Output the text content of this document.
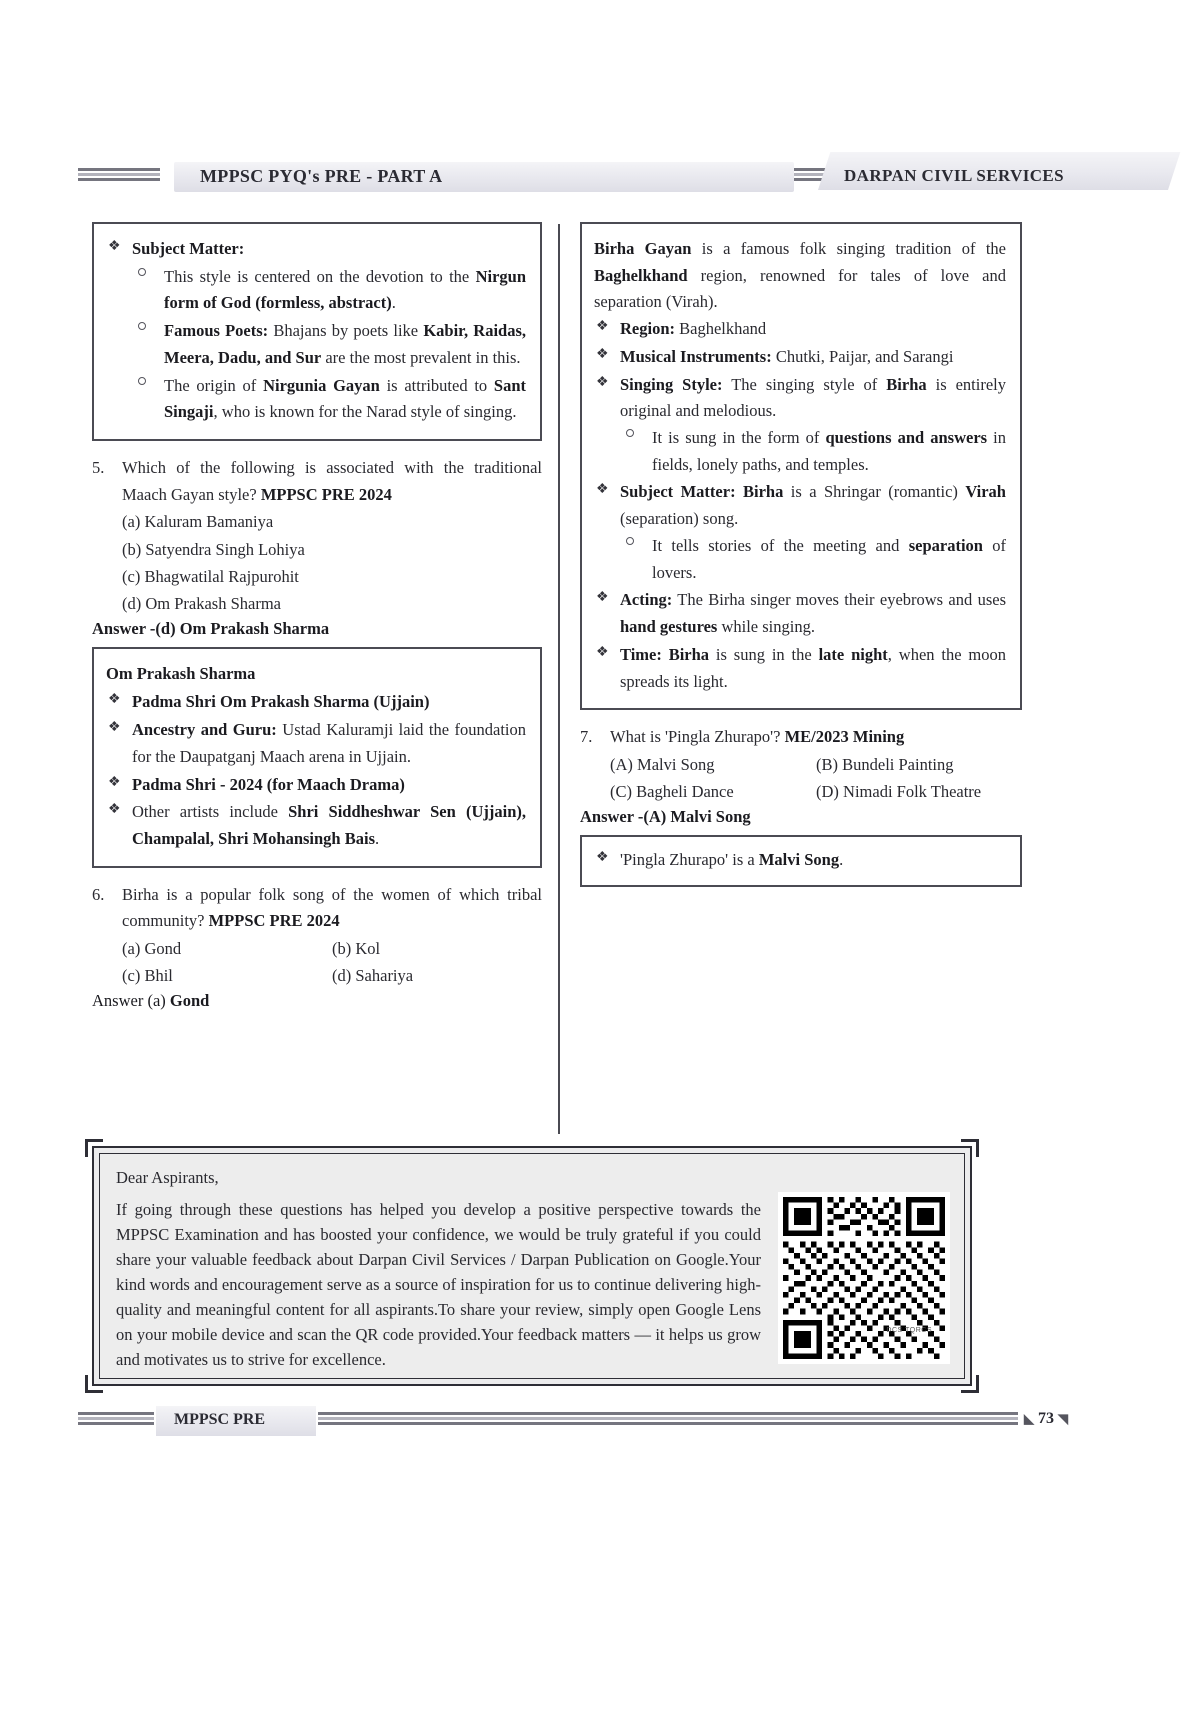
MPPSC PYQ's PRE - PART A	DARPAN CIVIL SERVICES
❖ Subject Matter:
This style is centered on the devotion to the Nirgun form of God (formless, abstract).
Famous Poets: Bhajans by poets like Kabir, Raidas, Meera, Dadu, and Sur are the most prevalent in this.
The origin of Nirgunia Gayan is attributed to Sant Singaji, who is known for the Narad style of singing.
5.	Which of the following is associated with the traditional Maach Gayan style? MPPSC PRE 2024
(a) Kaluram Bamaniya
(b) Satyendra Singh Lohiya
(c) Bhagwatilal Rajpurohit
(d) Om Prakash Sharma
Answer -(d) Om Prakash Sharma
Om Prakash Sharma
❖ Padma Shri Om Prakash Sharma (Ujjain)
❖ Ancestry and Guru: Ustad Kaluramji laid the foundation for the Daupatganj Maach arena in Ujjain.
❖ Padma Shri - 2024 (for Maach Drama)
❖ Other artists include Shri Siddheshwar Sen (Ujjain), Champalal, Shri Mohansingh Bais.
6.	Birha is a popular folk song of the women of which tribal community? MPPSC PRE 2024
(a) Gond	(b) Kol
(c) Bhil	(d) Sahariya
Answer (a) Gond
Birha Gayan is a famous folk singing tradition of the Baghelkhand region, renowned for tales of love and separation (Virah).
❖ Region: Baghelkhand
❖ Musical Instruments: Chutki, Paijar, and Sarangi
❖ Singing Style: The singing style of Birha is entirely original and melodious.
It is sung in the form of questions and answers in fields, lonely paths, and temples.
❖ Subject Matter: Birha is a Shringar (romantic) Virah (separation) song.
It tells stories of the meeting and separation of lovers.
❖ Acting: The Birha singer moves their eyebrows and uses hand gestures while singing.
❖ Time: Birha is sung in the late night, when the moon spreads its light.
7.	What is 'Pingla Zhurapo'? ME/2023 Mining
(A) Malvi Song	(B) Bundeli Painting
(C) Bagheli Dance	(D) Nimadi Folk Theatre
Answer -(A) Malvi Song
❖ 'Pingla Zhurapo' is a Malvi Song.
Dear Aspirants,
If going through these questions has helped you develop a positive perspective towards the MPPSC Examination and has boosted your confidence, we would be truly grateful if you could share your valuable feedback about Darpan Civil Services / Darpan Publication on Google.Your kind words and encouragement serve as a source of inspiration for us to continue delivering high-quality and meaningful content for all aspirants.To share your review, simply open Google Lens on your mobile device and scan the QR code provided.Your feedback matters — it helps us grow and motivates us to strive for excellence.
DCS TQRCS
MPPSC PRE	◣ 73 ◥
